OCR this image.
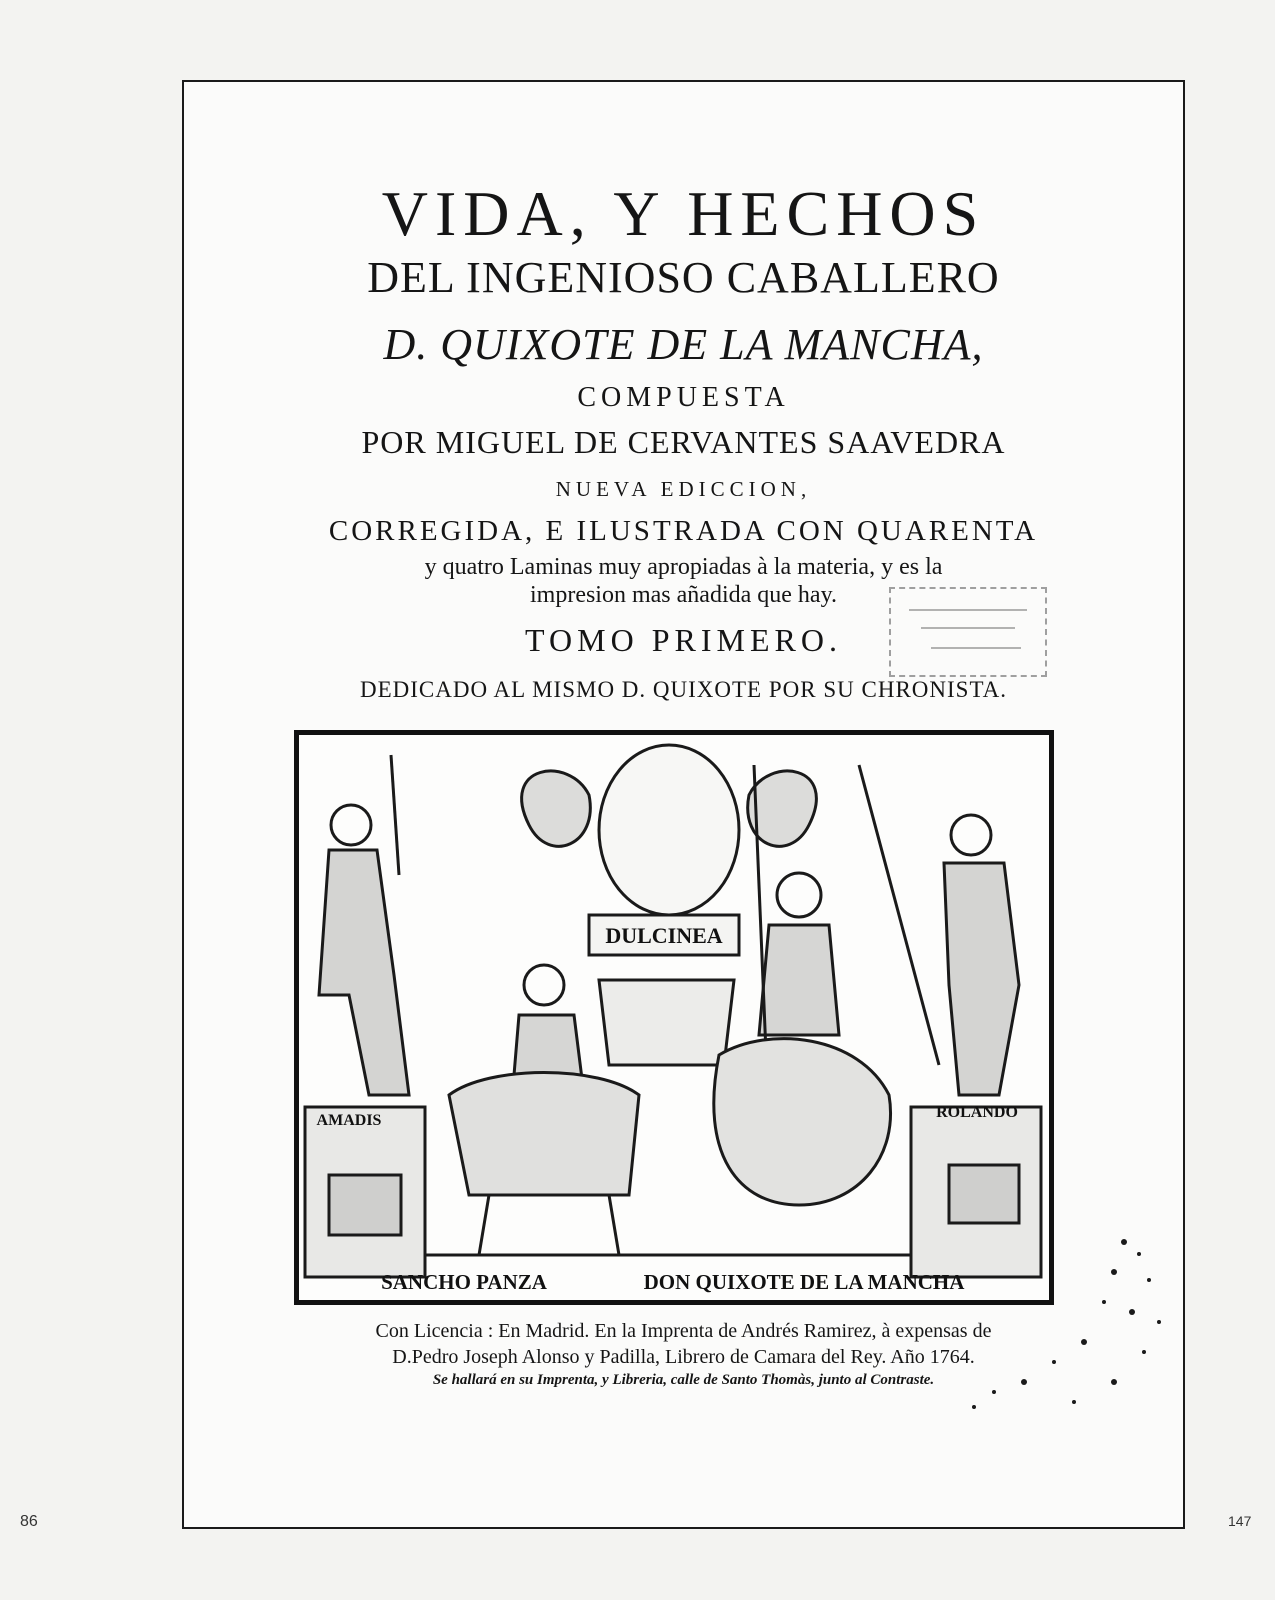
86	147
VIDA, Y HECHOS
DEL INGENIOSO CABALLERO
D. QUIXOTE DE LA MANCHA,
COMPUESTA
POR MIGUEL DE CERVANTES SAAVEDRA
NUEVA EDICCION,
CORREGIDA, E ILUSTRADA CON QUARENTA
y quatro Laminas muy apropiadas à la materia, y es la
impresion mas añadida que hay.
TOMO PRIMERO.
DEDICADO AL MISMO D. QUIXOTE POR SU CHRONISTA.
DULCINEA
AMADIS	ROLANDO
SANCHO PANZA	DON QUIXOTE DE LA MANCHA
Con Licencia : En Madrid. En la Imprenta de Andrés Ramirez, à expensas de
D.Pedro Joseph Alonso y Padilla, Librero de Camara del Rey. Año 1764.
Se hallará en su Imprenta, y Libreria, calle de Santo Thomàs, junto al Contraste.
